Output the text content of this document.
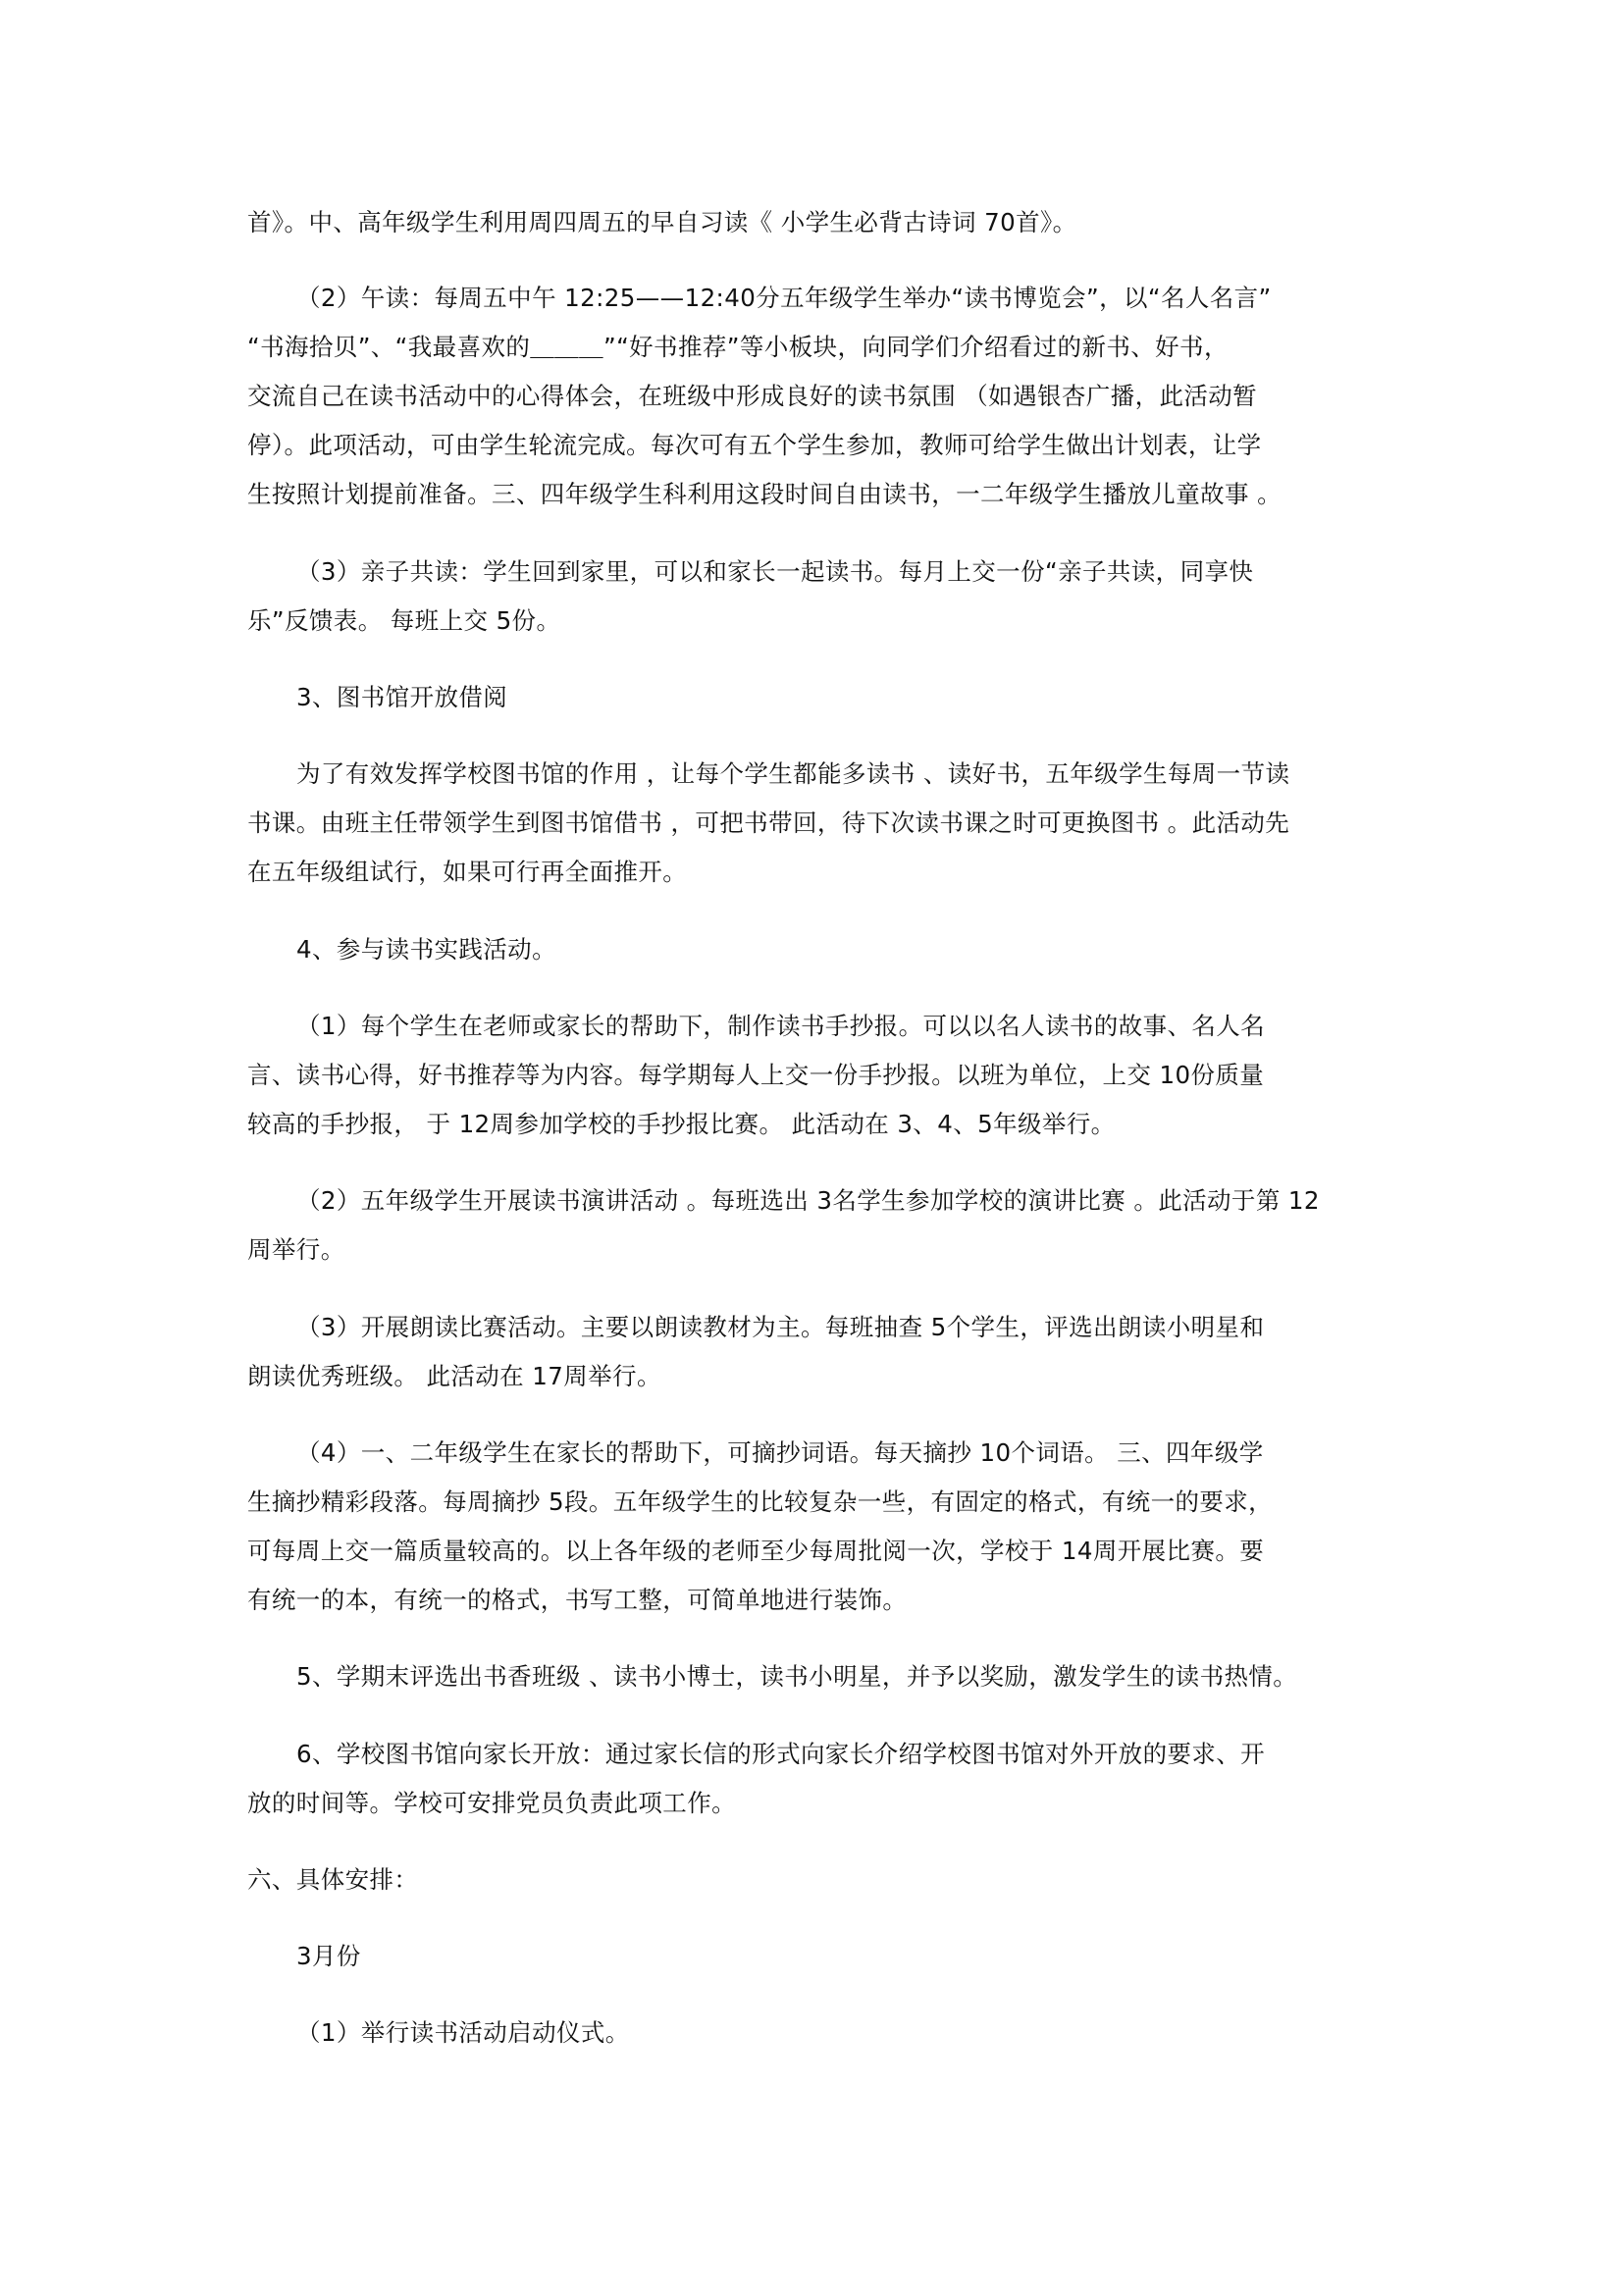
首》。中、高年级学生利用周四周五的早自习读《 小学生必背古诗词 70首》。
（2）午读：每周五中午 12:25——12:40分五年级学生举办“读书博览会”，以“名人名言”
“书海拾贝”、“我最喜欢的＿＿＿”“好书推荐”等小板块，向同学们介绍看过的新书、好书，
交流自己在读书活动中的心得体会，在班级中形成良好的读书氛围 （如遇银杏广播，此活动暂
停）。此项活动，可由学生轮流完成。每次可有五个学生参加，教师可给学生做出计划表，让学
生按照计划提前准备。三、四年级学生科利用这段时间自由读书，一二年级学生播放儿童故事 。
（3）亲子共读：学生回到家里，可以和家长一起读书。每月上交一份“亲子共读，同享快
乐”反馈表。 每班上交 5份。
3、图书馆开放借阅
为了有效发挥学校图书馆的作用 ，让每个学生都能多读书 、读好书，五年级学生每周一节读
书课。由班主任带领学生到图书馆借书 ，可把书带回，待下次读书课之时可更换图书 。此活动先
在五年级组试行，如果可行再全面推开。
4、参与读书实践活动。
（1）每个学生在老师或家长的帮助下，制作读书手抄报。可以以名人读书的故事、名人名
言、读书心得，好书推荐等为内容。每学期每人上交一份手抄报。以班为单位，上交 10份质量
较高的手抄报， 于 12周参加学校的手抄报比赛。 此活动在 3、4、5年级举行。
（2）五年级学生开展读书演讲活动 。每班选出 3名学生参加学校的演讲比赛 。此活动于第 12
周举行。
（3）开展朗读比赛活动。主要以朗读教材为主。每班抽查 5个学生，评选出朗读小明星和
朗读优秀班级。 此活动在 17周举行。
（4）一、二年级学生在家长的帮助下，可摘抄词语。每天摘抄 10个词语。 三、四年级学
生摘抄精彩段落。每周摘抄 5段。五年级学生的比较复杂一些，有固定的格式，有统一的要求，
可每周上交一篇质量较高的。以上各年级的老师至少每周批阅一次，学校于 14周开展比赛。要
有统一的本，有统一的格式，书写工整，可简单地进行装饰。
5、学期末评选出书香班级 、读书小博士，读书小明星，并予以奖励，激发学生的读书热情。
6、学校图书馆向家长开放：通过家长信的形式向家长介绍学校图书馆对外开放的要求、开
放的时间等。学校可安排党员负责此项工作。
六、具体安排：
3月份
（1）举行读书活动启动仪式。
